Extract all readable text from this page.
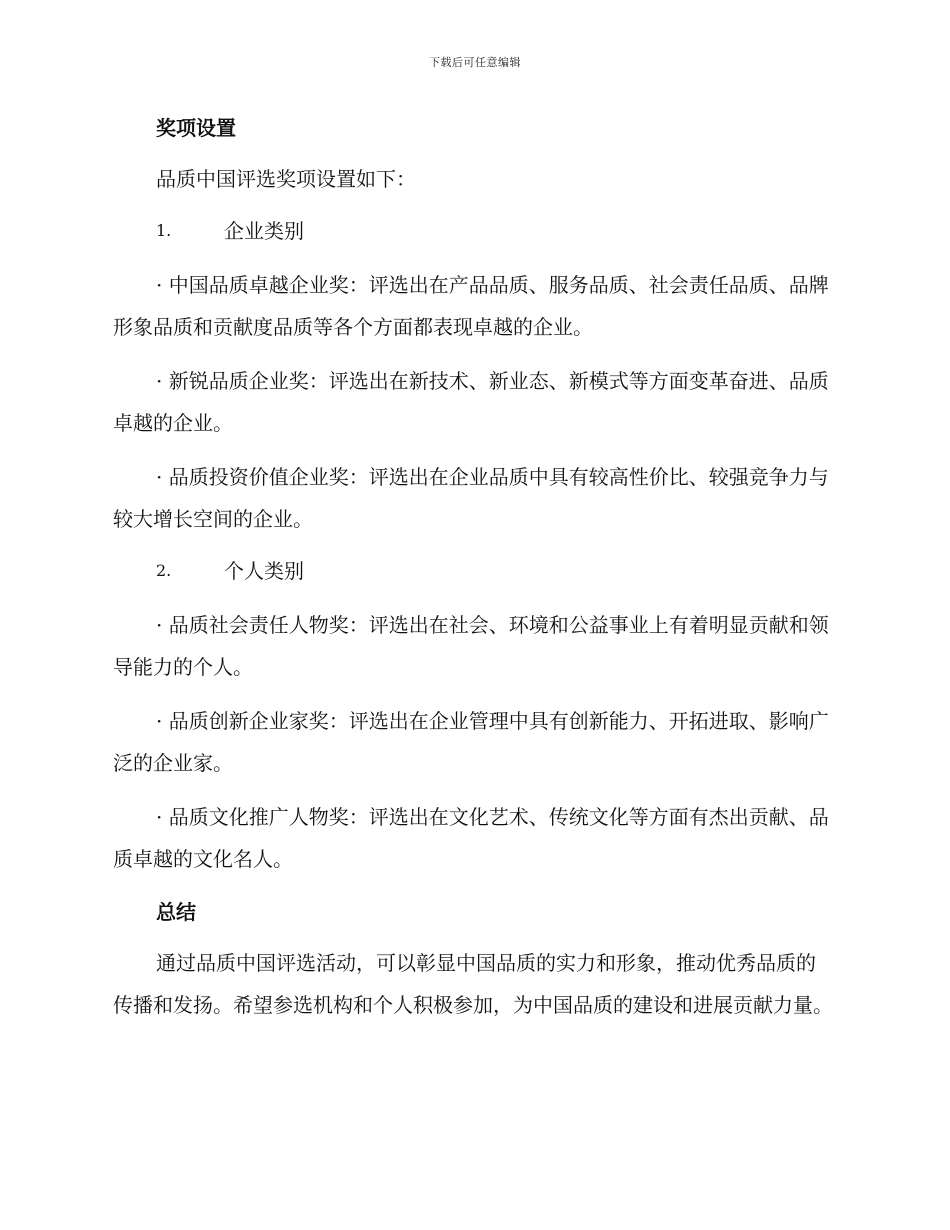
下载后可任意编辑
奖项设置
品质中国评选奖项设置如下：
1.	企业类别
· 中国品质卓越企业奖：评选出在产品品质、服务品质、社会责任品质、品牌形象品质和贡献度品质等各个方面都表现卓越的企业。
· 新锐品质企业奖：评选出在新技术、新业态、新模式等方面变革奋进、品质卓越的企业。
· 品质投资价值企业奖：评选出在企业品质中具有较高性价比、较强竞争力与较大增长空间的企业。
2.	个人类别
· 品质社会责任人物奖：评选出在社会、环境和公益事业上有着明显贡献和领导能力的个人。
· 品质创新企业家奖：评选出在企业管理中具有创新能力、开拓进取、影响广泛的企业家。
· 品质文化推广人物奖：评选出在文化艺术、传统文化等方面有杰出贡献、品质卓越的文化名人。
总结
通过品质中国评选活动，可以彰显中国品质的实力和形象，推动优秀品质的传播和发扬。希望参选机构和个人积极参加，为中国品质的建设和进展贡献力量。
